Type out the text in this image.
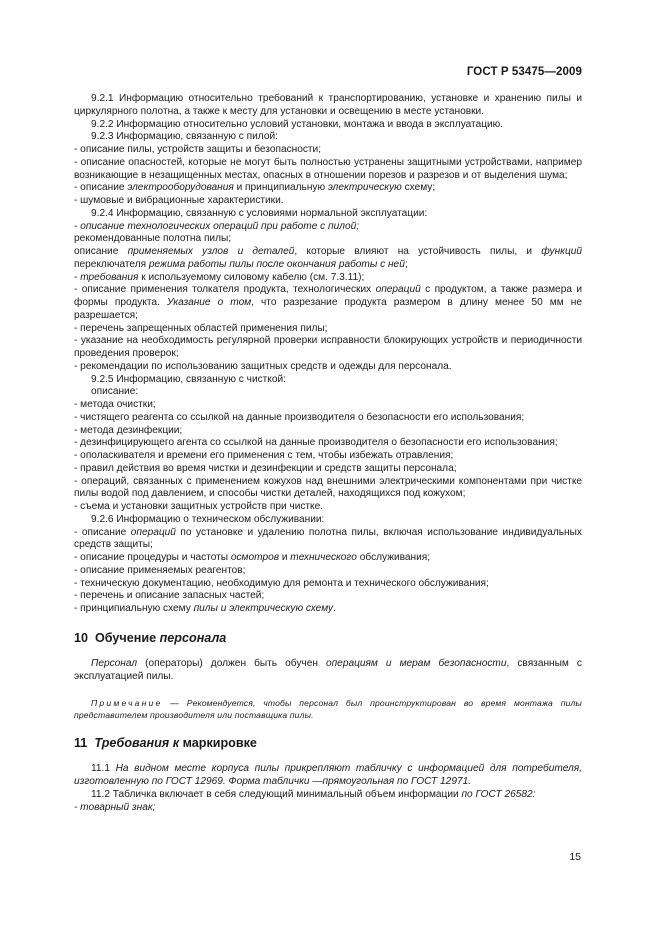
ГОСТ Р 53475—2009

9.2.1 Информацию относительно требований к транспортированию, установке и хранению пилы и циркулярного полотна, а также к месту для установки и освещению в месте установки.

9.2.2 Информацию относительно условий установки, монтажа и ввода в эксплуатацию.

9.2.3 Информацию, связанную с пилой:

- описание пилы, устройств защиты и безопасности;

- описание опасностей, которые не могут быть полностью устранены защитными устройствами, например возникающие в незащищенных местах, опасных в отношении порезов и разрезов и от выделения шума;

- описание электрооборудования и принципиальную электрическую схему;

- шумовые и вибрационные характеристики.

9.2.4 Информацию, связанную с условиями нормальной эксплуатации:

- описание технологических операций при работе с пилой;

рекомендованные полотна пилы;

описание применяемых узлов и деталей, которые влияют на устойчивость пилы, и функций переключателя режима работы пилы после окончания работы с ней;

- требования к используемому силовому кабелю (см. 7.3.11);

- описание применения толкателя продукта, технологических операций с продуктом, а также размера и формы продукта. Указание о том, что разрезание продукта размером в длину менее 50 мм не разрешается;

- перечень запрещенных областей применения пилы;

- указание на необходимость регулярной проверки исправности блокирующих устройств и периодичности проведения проверок;

- рекомендации по использованию защитных средств и одежды для персонала.

9.2.5 Информацию, связанную с чисткой:

описание:

- метода очистки;

- чистящего реагента со ссылкой на данные производителя о безопасности его использования;

- метода дезинфекции;

- дезинфицирующего агента со ссылкой на данные производителя о безопасности его использования;

- ополаскивателя и времени его применения с тем, чтобы избежать отравления;

- правил действия во время чистки и дезинфекции и средств защиты персонала;

- операций, связанных с применением кожухов над внешними электрическими компонентами при чистке пилы водой под давлением, и способы чистки деталей, находящихся под кожухом;

- съема и установки защитных устройств при чистке.

9.2.6 Информацию о техническом обслуживании:

- описание операций по установке и удалению полотна пилы, включая использование индивидуальных средств защиты;

- описание процедуры и частоты осмотров и технического обслуживания;

- описание применяемых реагентов;

- техническую документацию, необходимую для ремонта и технического обслуживания;

- перечень и описание запасных частей;

- принципиальную схему пилы и электрическую схему.

10 Обучение персонала

Персонал (операторы) должен быть обучен операциям и мерам безопасности, связанным с эксплуатацией пилы.

Примечание — Рекомендуется, чтобы персонал был проинструктирован во время монтажа пилы представителем производителя или поставщика пилы.

11 Требования к маркировке

11.1 На видном месте корпуса пилы прикрепляют табличку с информацией для потребителя, изготовленную по ГОСТ 12969. Форма таблички —прямоугольная по ГОСТ 12971.

11.2 Табличка включает в себя следующий минимальный объем информации по ГОСТ 26582:

- товарный знак;

15
